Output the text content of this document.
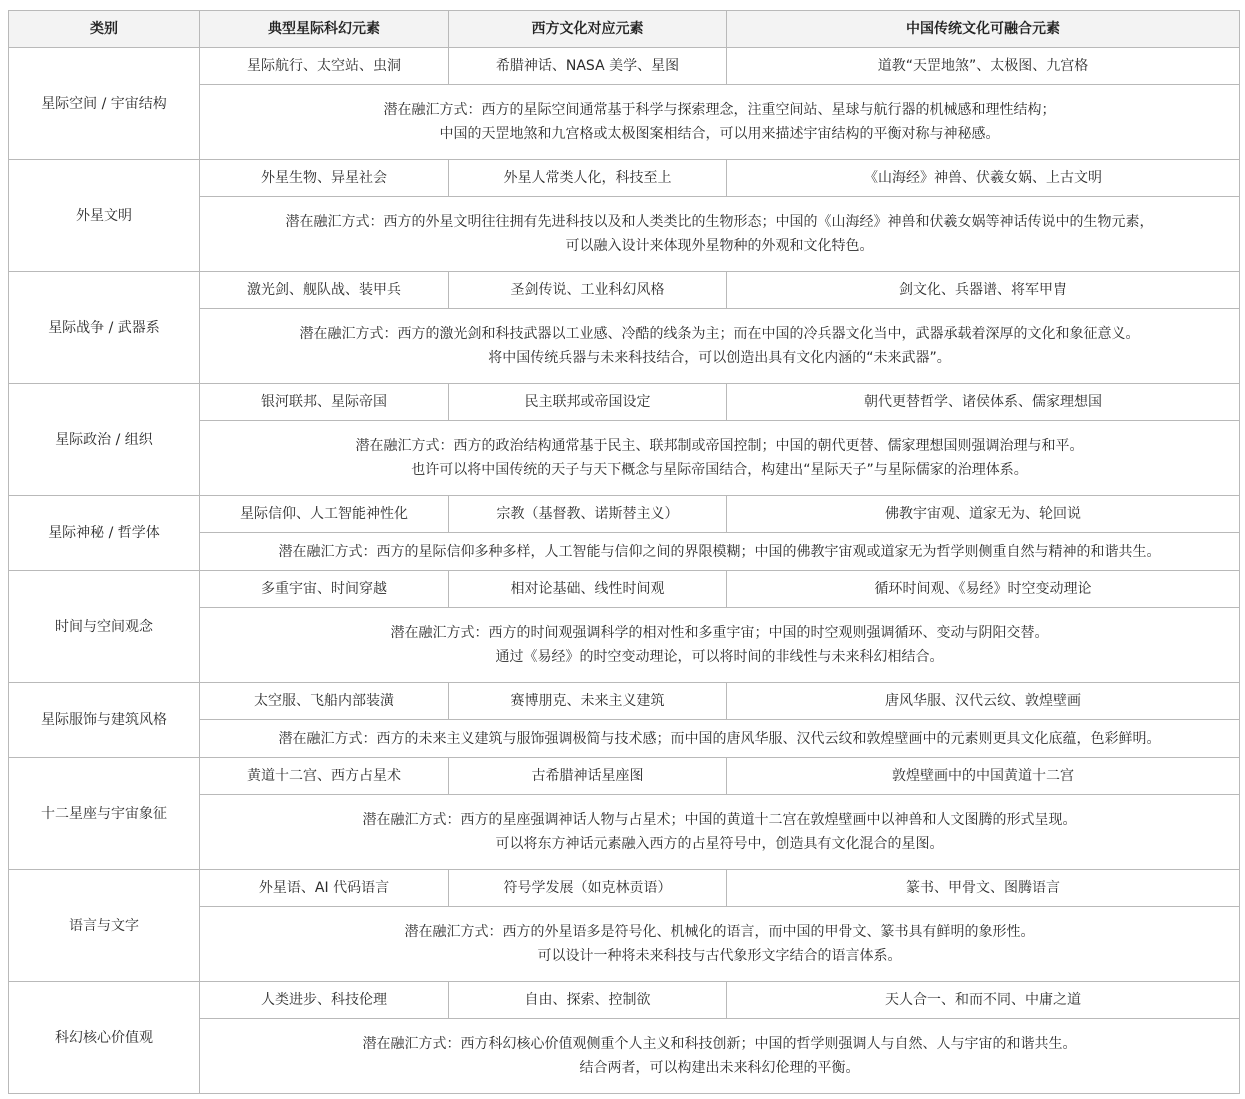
类别	典型星际科幻元素	西方文化对应元素	中国传统文化可融合元素
星际空间 / 宇宙结构	星际航行、太空站、虫洞	希腊神话、NASA 美学、星图	道教“天罡地煞”、太极图、九宫格

	潜在融汇方式：西方的星际空间通常基于科学与探索理念，注重空间站、星球与航行器的机械感和理性结构；
中国的天罡地煞和九宫格或太极图案相结合，可以用来描述宇宙结构的平衡对称与神秘感。		

外星文明	外星生物、异星社会	外星人常类人化，科技至上	《山海经》神兽、伏羲女娲、上古文明

	潜在融汇方式：西方的外星文明往往拥有先进科技以及和人类类比的生物形态；中国的《山海经》神兽和伏羲女娲等神话传说中的生物元素，
可以融入设计来体现外星物种的外观和文化特色。		

星际战争 / 武器系	激光剑、舰队战、装甲兵	圣剑传说、工业科幻风格	剑文化、兵器谱、将军甲胄

	潜在融汇方式：西方的激光剑和科技武器以工业感、冷酷的线条为主；而在中国的冷兵器文化当中，武器承载着深厚的文化和象征意义。
将中国传统兵器与未来科技结合，可以创造出具有文化内涵的“未来武器”。		

星际政治 / 组织	银河联邦、星际帝国	民主联邦或帝国设定	朝代更替哲学、诸侯体系、儒家理想国

	潜在融汇方式：西方的政治结构通常基于民主、联邦制或帝国控制；中国的朝代更替、儒家理想国则强调治理与和平。
也许可以将中国传统的天子与天下概念与星际帝国结合，构建出“星际天子”与星际儒家的治理体系。		

星际神秘 / 哲学体	星际信仰、人工智能神性化	宗教（基督教、诺斯替主义）	佛教宇宙观、道家无为、轮回说

	潜在融汇方式：西方的星际信仰多种多样，人工智能与信仰之间的界限模糊；中国的佛教宇宙观或道家无为哲学则侧重自然与精神的和谐共生。		

时间与空间观念	多重宇宙、时间穿越	相对论基础、线性时间观	循环时间观、《易经》时空变动理论

	潜在融汇方式：西方的时间观强调科学的相对性和多重宇宙；中国的时空观则强调循环、变动与阴阳交替。
通过《易经》的时空变动理论，可以将时间的非线性与未来科幻相结合。		

星际服饰与建筑风格	太空服、飞船内部装潢	赛博朋克、未来主义建筑	唐风华服、汉代云纹、敦煌壁画

	潜在融汇方式：西方的未来主义建筑与服饰强调极简与技术感；而中国的唐风华服、汉代云纹和敦煌壁画中的元素则更具文化底蕴，色彩鲜明。		

十二星座与宇宙象征	黄道十二宫、西方占星术	古希腊神话星座图	敦煌壁画中的中国黄道十二宫

	潜在融汇方式：西方的星座强调神话人物与占星术；中国的黄道十二宫在敦煌壁画中以神兽和人文图腾的形式呈现。
可以将东方神话元素融入西方的占星符号中，创造具有文化混合的星图。		

语言与文字	外星语、AI 代码语言	符号学发展（如克林贡语）	篆书、甲骨文、图腾语言

	潜在融汇方式：西方的外星语多是符号化、机械化的语言，而中国的甲骨文、篆书具有鲜明的象形性。
可以设计一种将未来科技与古代象形文字结合的语言体系。		

科幻核心价值观	人类进步、科技伦理	自由、探索、控制欲	天人合一、和而不同、中庸之道

	潜在融汇方式：西方科幻核心价值观侧重个人主义和科技创新；中国的哲学则强调人与自然、人与宇宙的和谐共生。
结合两者，可以构建出未来科幻伦理的平衡。		
